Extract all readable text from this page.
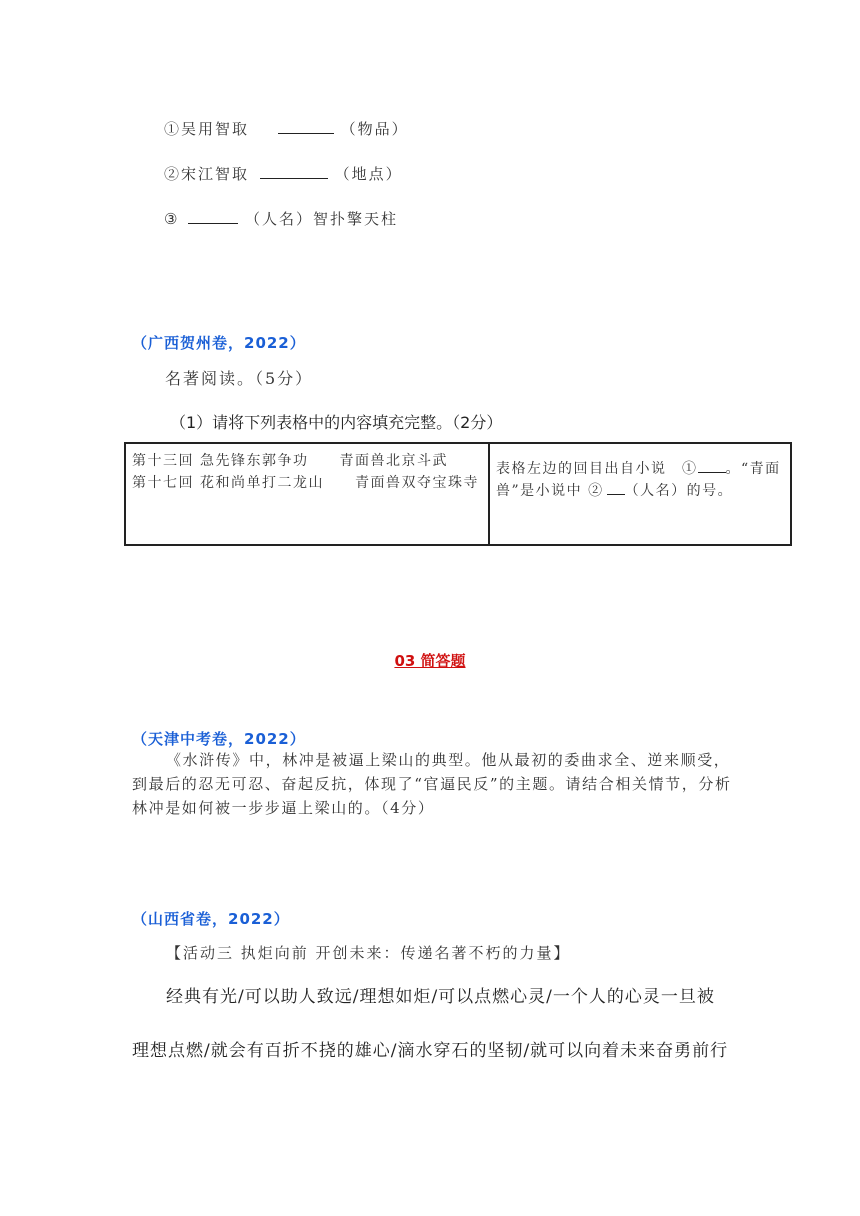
①吴用智取	（物品）
②宋江智取	（地点）
③	（人名）智扑擎天柱
（广西贺州卷，2022）
名著阅读。（5分）
（1）请将下列表格中的内容填充完整。（2分）
第十三回 急先锋东郭争功　　青面兽北京斗武
第十七回 花和尚单打二龙山　　青面兽双夺宝珠寺
	表格左边的回目出自小说　① 。“青面兽”是小说中 ② （人名）的号。
03 简答题
（天津中考卷，2022）
《水浒传》中，林冲是被逼上梁山的典型。他从最初的委曲求全、逆来顺受，到最后的忍无可忍、奋起反抗，体现了“官逼民反”的主题。请结合相关情节，分析林冲是如何被一步步逼上梁山的。（4分）
（山西省卷，2022）
【活动三 执炬向前 开创未来：传递名著不朽的力量】
经典有光/可以助人致远/理想如炬/可以点燃心灵/一个人的心灵一旦被理想点燃/就会有百折不挠的雄心/滴水穿石的坚韧/就可以向着未来奋勇前行
